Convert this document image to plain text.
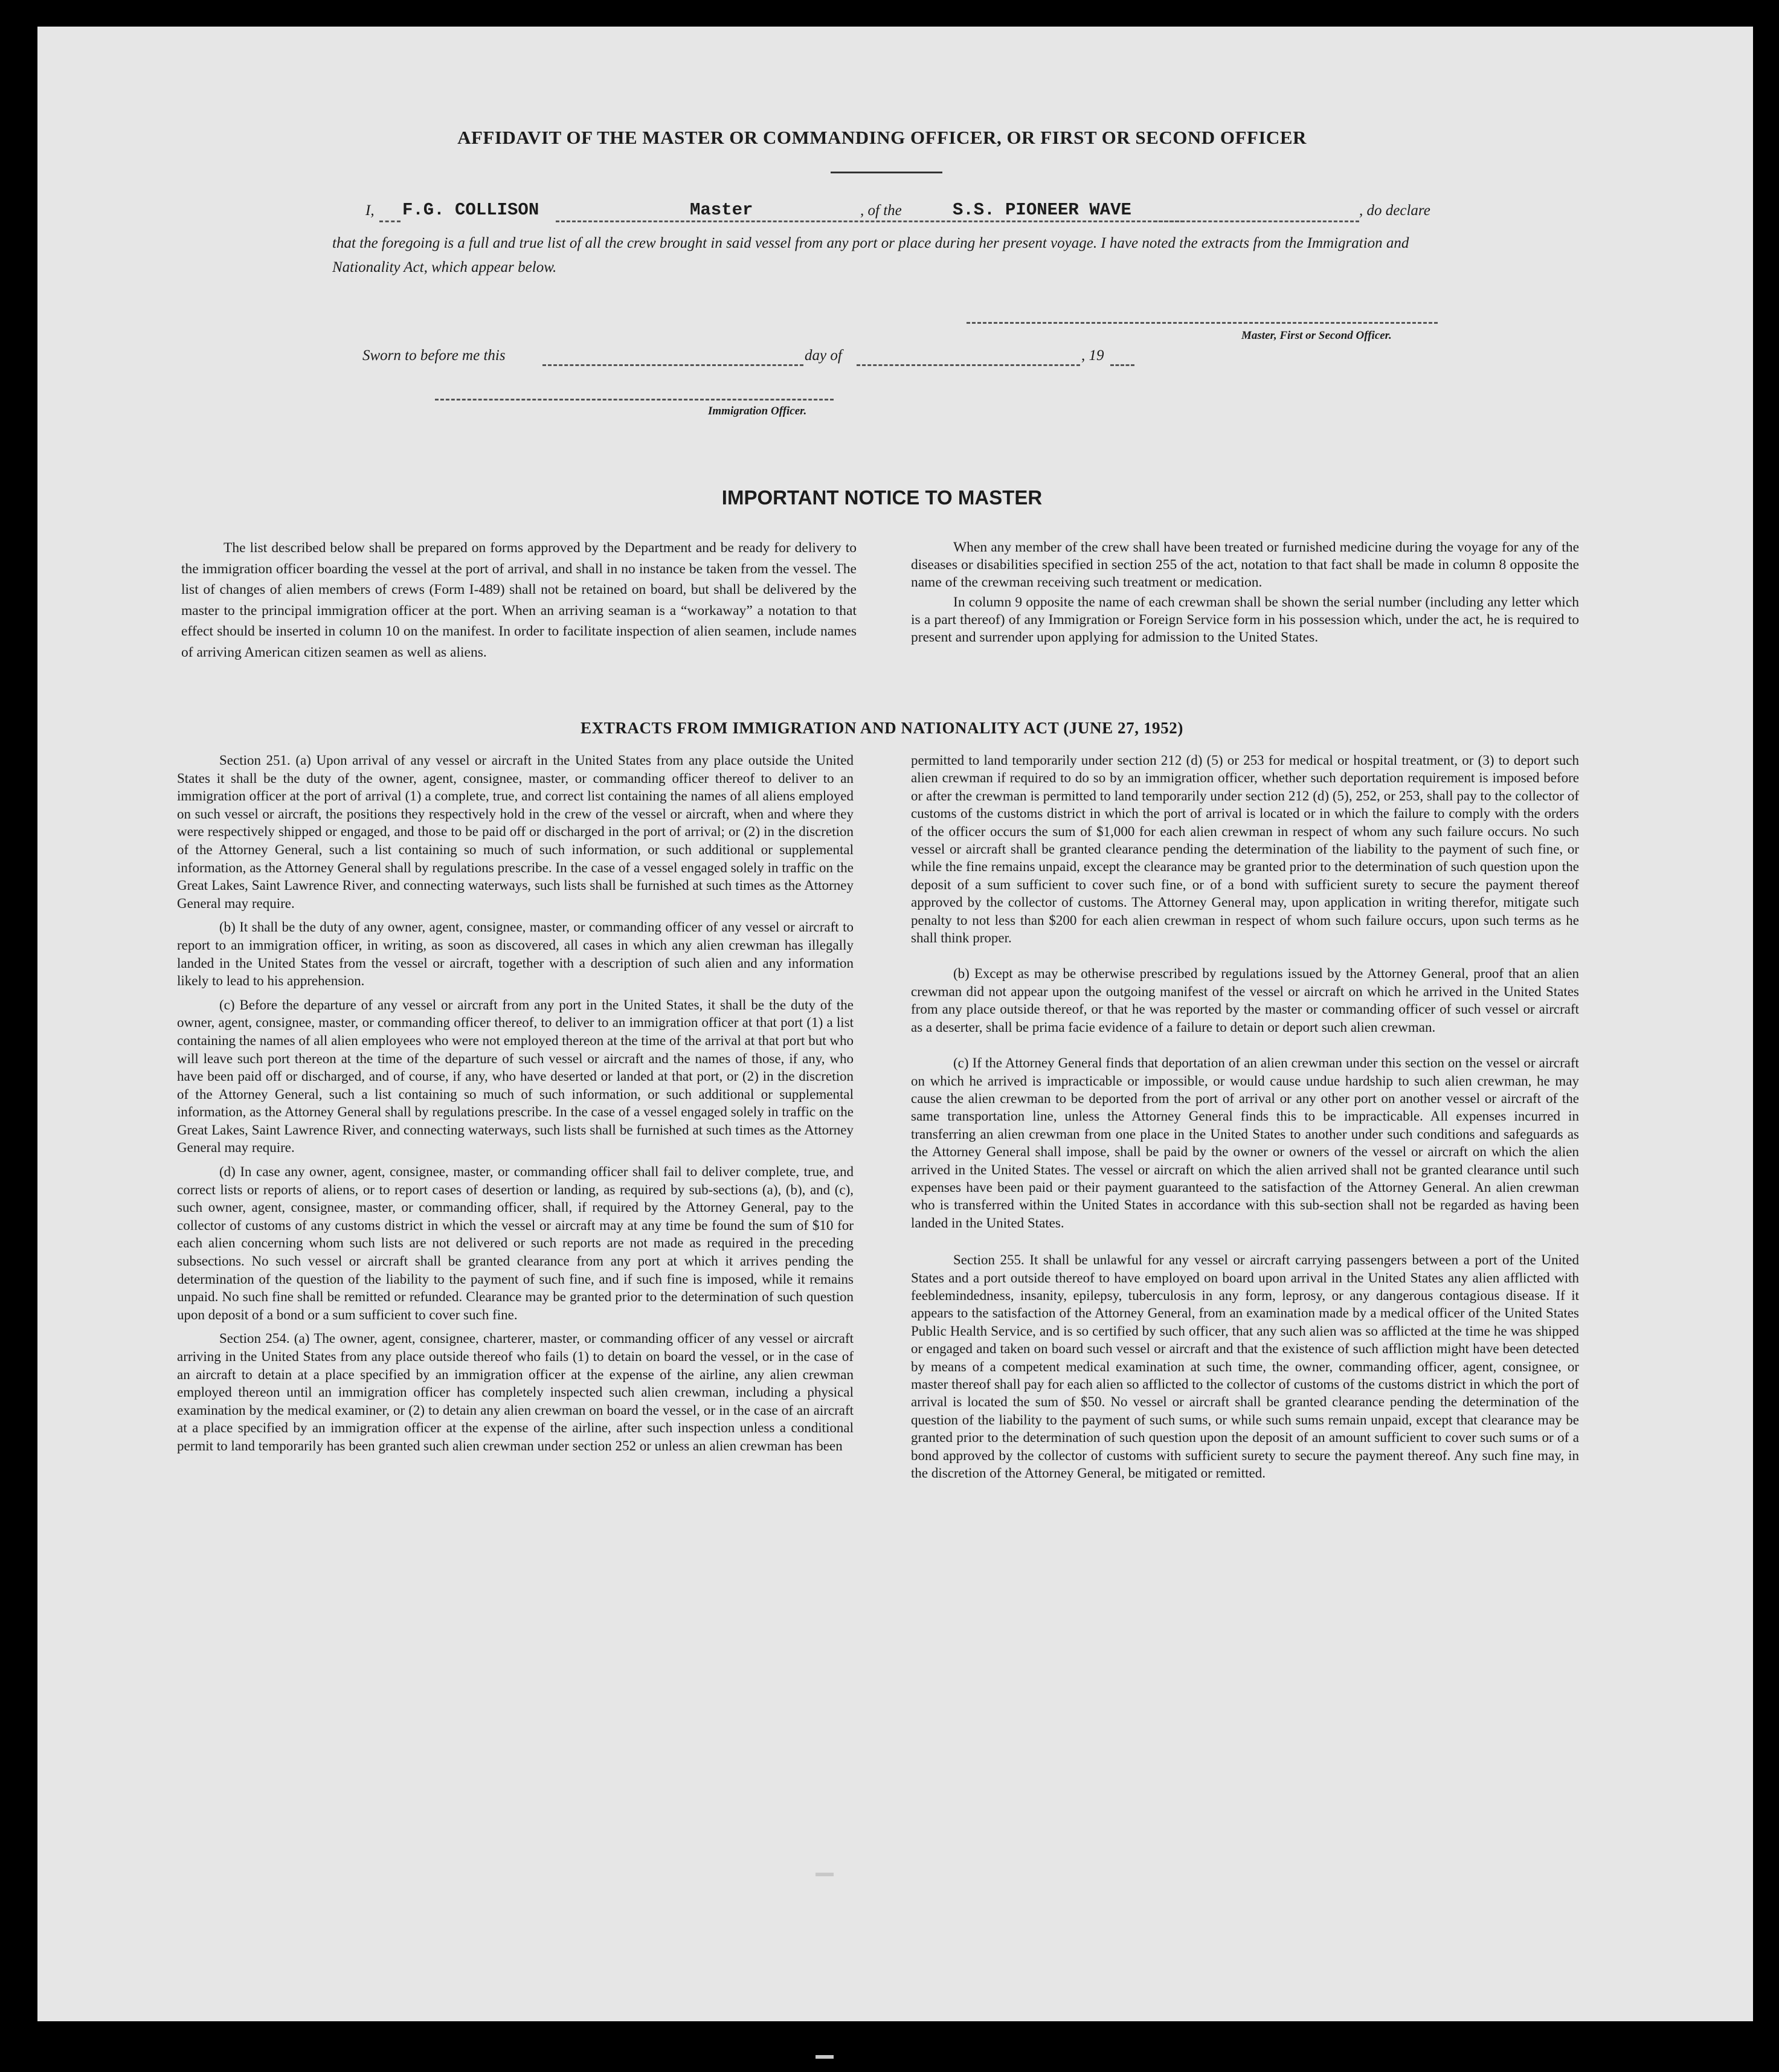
AFFIDAVIT OF THE MASTER OR COMMANDING OFFICER, OR FIRST OR SECOND OFFICER
I, F.G. COLLISON	Master	, of the	S.S. PIONEER WAVE	, do declare
that the foregoing is a full and true list of all the crew brought in said vessel from any port or place during her present voyage. I have noted the extracts from the Immigration and Nationality Act, which appear below.
Master, First or Second Officer.
Sworn to before me this	day of	, 19
Immigration Officer.
IMPORTANT NOTICE TO MASTER

The list described below shall be prepared on forms approved by the Department and be ready for delivery to the immigration officer boarding the vessel at the port of arrival, and shall in no instance be taken from the vessel. The list of changes of alien members of crews (Form I-489) shall not be retained on board, but shall be delivered by the master to the principal immigration officer at the port. When an arriving seaman is a “workaway” a notation to that effect should be inserted in column 10 on the manifest. In order to facilitate inspection of alien seamen, include names of arriving American citizen seamen as well as aliens.

When any member of the crew shall have been treated or furnished medicine during the voyage for any of the diseases or disabilities specified in section 255 of the act, notation to that fact shall be made in column 8 opposite the name of the crewman receiving such treatment or medication.

In column 9 opposite the name of each crewman shall be shown the serial number (including any letter which is a part thereof) of any Immigration or Foreign Service form in his possession which, under the act, he is required to present and surrender upon applying for admission to the United States.

EXTRACTS FROM IMMIGRATION AND NATIONALITY ACT (JUNE 27, 1952)

Section 251. (a) Upon arrival of any vessel or aircraft in the United States from any place outside the United States it shall be the duty of the owner, agent, consignee, master, or commanding officer thereof to deliver to an immigration officer at the port of arrival (1) a complete, true, and correct list containing the names of all aliens employed on such vessel or aircraft, the positions they respectively hold in the crew of the vessel or aircraft, when and where they were respectively shipped or engaged, and those to be paid off or discharged in the port of arrival; or (2) in the discretion of the Attorney General, such a list containing so much of such information, or such additional or supplemental information, as the Attorney General shall by regulations prescribe. In the case of a vessel engaged solely in traffic on the Great Lakes, Saint Lawrence River, and connecting waterways, such lists shall be furnished at such times as the Attorney General may require.

(b) It shall be the duty of any owner, agent, consignee, master, or commanding officer of any vessel or aircraft to report to an immigration officer, in writing, as soon as discovered, all cases in which any alien crewman has illegally landed in the United States from the vessel or aircraft, together with a description of such alien and any information likely to lead to his apprehension.

(c) Before the departure of any vessel or aircraft from any port in the United States, it shall be the duty of the owner, agent, consignee, master, or commanding officer thereof, to deliver to an immigration officer at that port (1) a list containing the names of all alien employees who were not employed thereon at the time of the arrival at that port but who will leave such port thereon at the time of the departure of such vessel or aircraft and the names of those, if any, who have been paid off or discharged, and of course, if any, who have deserted or landed at that port, or (2) in the discretion of the Attorney General, such a list containing so much of such information, or such additional or supplemental information, as the Attorney General shall by regulations prescribe. In the case of a vessel engaged solely in traffic on the Great Lakes, Saint Lawrence River, and connecting waterways, such lists shall be furnished at such times as the Attorney General may require.

(d) In case any owner, agent, consignee, master, or commanding officer shall fail to deliver complete, true, and correct lists or reports of aliens, or to report cases of desertion or landing, as required by sub-sections (a), (b), and (c), such owner, agent, consignee, master, or commanding officer, shall, if required by the Attorney General, pay to the collector of customs of any customs district in which the vessel or aircraft may at any time be found the sum of $10 for each alien concerning whom such lists are not delivered or such reports are not made as required in the preceding subsections. No such vessel or aircraft shall be granted clearance from any port at which it arrives pending the determination of the question of the liability to the payment of such fine, and if such fine is imposed, while it remains unpaid. No such fine shall be remitted or refunded. Clearance may be granted prior to the determination of such question upon deposit of a bond or a sum sufficient to cover such fine.

Section 254. (a) The owner, agent, consignee, charterer, master, or commanding officer of any vessel or aircraft arriving in the United States from any place outside thereof who fails (1) to detain on board the vessel, or in the case of an aircraft to detain at a place specified by an immigration officer at the expense of the airline, any alien crewman employed thereon until an immigration officer has completely inspected such alien crewman, including a physical examination by the medical examiner, or (2) to detain any alien crewman on board the vessel, or in the case of an aircraft at a place specified by an immigration officer at the expense of the airline, after such inspection unless a conditional permit to land temporarily has been granted such alien crewman under section 252 or unless an alien crewman has been

permitted to land temporarily under section 212 (d) (5) or 253 for medical or hospital treatment, or (3) to deport such alien crewman if required to do so by an immigration officer, whether such deportation requirement is imposed before or after the crewman is permitted to land temporarily under section 212 (d) (5), 252, or 253, shall pay to the collector of customs of the customs district in which the port of arrival is located or in which the failure to comply with the orders of the officer occurs the sum of $1,000 for each alien crewman in respect of whom any such failure occurs. No such vessel or aircraft shall be granted clearance pending the determination of the liability to the payment of such fine, or while the fine remains unpaid, except the clearance may be granted prior to the determination of such question upon the deposit of a sum sufficient to cover such fine, or of a bond with sufficient surety to secure the payment thereof approved by the collector of customs. The Attorney General may, upon application in writing therefor, mitigate such penalty to not less than $200 for each alien crewman in respect of whom such failure occurs, upon such terms as he shall think proper.

(b) Except as may be otherwise prescribed by regulations issued by the Attorney General, proof that an alien crewman did not appear upon the outgoing manifest of the vessel or aircraft on which he arrived in the United States from any place outside thereof, or that he was reported by the master or commanding officer of such vessel or aircraft as a deserter, shall be prima facie evidence of a failure to detain or deport such alien crewman.

(c) If the Attorney General finds that deportation of an alien crewman under this section on the vessel or aircraft on which he arrived is impracticable or impossible, or would cause undue hardship to such alien crewman, he may cause the alien crewman to be deported from the port of arrival or any other port on another vessel or aircraft of the same transportation line, unless the Attorney General finds this to be impracticable. All expenses incurred in transferring an alien crewman from one place in the United States to another under such conditions and safeguards as the Attorney General shall impose, shall be paid by the owner or owners of the vessel or aircraft on which the alien arrived in the United States. The vessel or aircraft on which the alien arrived shall not be granted clearance until such expenses have been paid or their payment guaranteed to the satisfaction of the Attorney General. An alien crewman who is transferred within the United States in accordance with this sub-section shall not be regarded as having been landed in the United States.

Section 255. It shall be unlawful for any vessel or aircraft carrying passengers between a port of the United States and a port outside thereof to have employed on board upon arrival in the United States any alien afflicted with feeblemindedness, insanity, epilepsy, tuberculosis in any form, leprosy, or any dangerous contagious disease. If it appears to the satisfaction of the Attorney General, from an examination made by a medical officer of the United States Public Health Service, and is so certified by such officer, that any such alien was so afflicted at the time he was shipped or engaged and taken on board such vessel or aircraft and that the existence of such affliction might have been detected by means of a competent medical examination at such time, the owner, commanding officer, agent, consignee, or master thereof shall pay for each alien so afflicted to the collector of customs of the customs district in which the port of arrival is located the sum of $50. No vessel or aircraft shall be granted clearance pending the determination of the question of the liability to the payment of such sums, or while such sums remain unpaid, except that clearance may be granted prior to the determination of such question upon the deposit of an amount sufficient to cover such sums or of a bond approved by the collector of customs with sufficient surety to secure the payment thereof. Any such fine may, in the discretion of the Attorney General, be mitigated or remitted.
